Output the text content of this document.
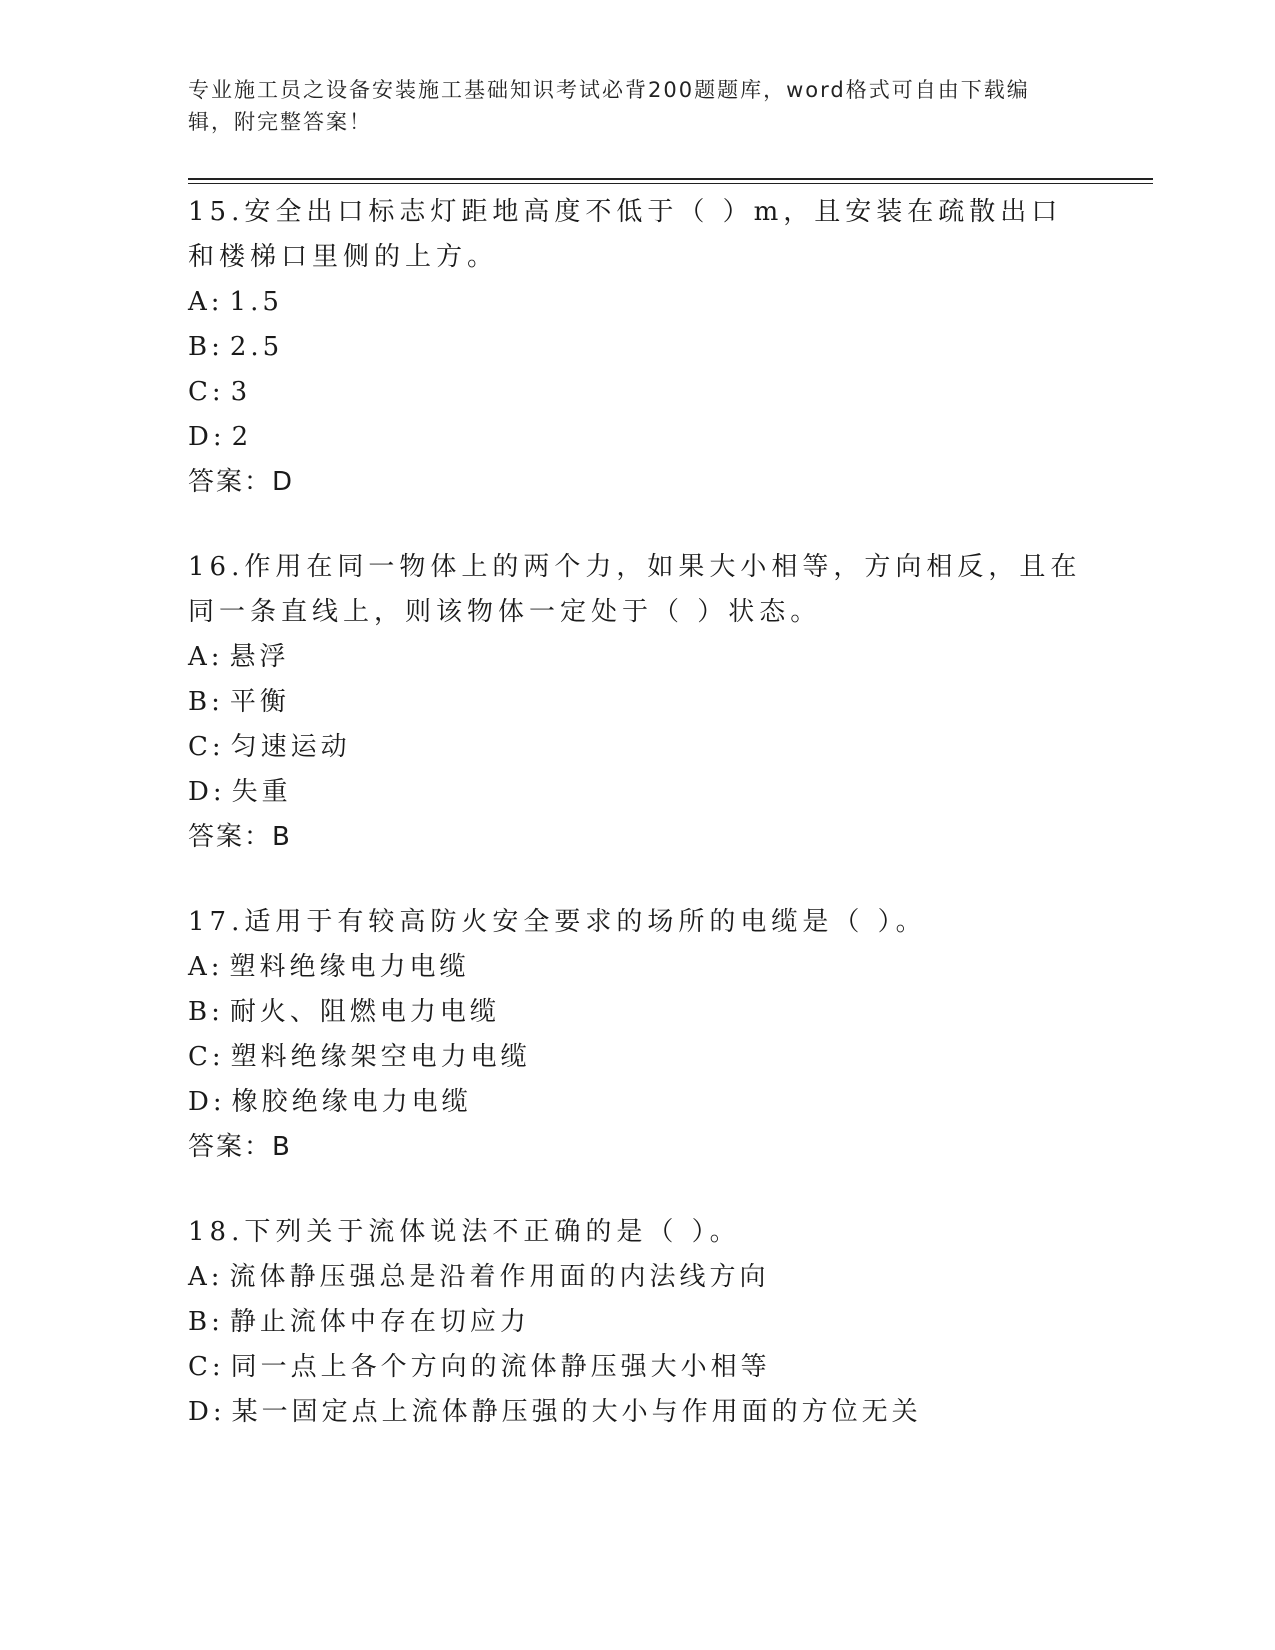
专业施工员之设备安装施工基础知识考试必背200题题库，word格式可自由下载编辑，附完整答案！

15.安全出口标志灯距地高度不低于（ ）m，且安装在疏散出口和楼梯口里侧的上方。

A: 1.5

B: 2.5

C: 3

D: 2

答案：D

16.作用在同一物体上的两个力，如果大小相等，方向相反，且在同一条直线上，则该物体一定处于（ ）状态。

A: 悬浮

B: 平衡

C: 匀速运动

D: 失重

答案：B

17.适用于有较高防火安全要求的场所的电缆是（ ）。

A: 塑料绝缘电力电缆

B: 耐火、阻燃电力电缆

C: 塑料绝缘架空电力电缆

D: 橡胶绝缘电力电缆

答案：B

18.下列关于流体说法不正确的是（ ）。

A: 流体静压强总是沿着作用面的内法线方向

B: 静止流体中存在切应力

C: 同一点上各个方向的流体静压强大小相等

D: 某一固定点上流体静压强的大小与作用面的方位无关
